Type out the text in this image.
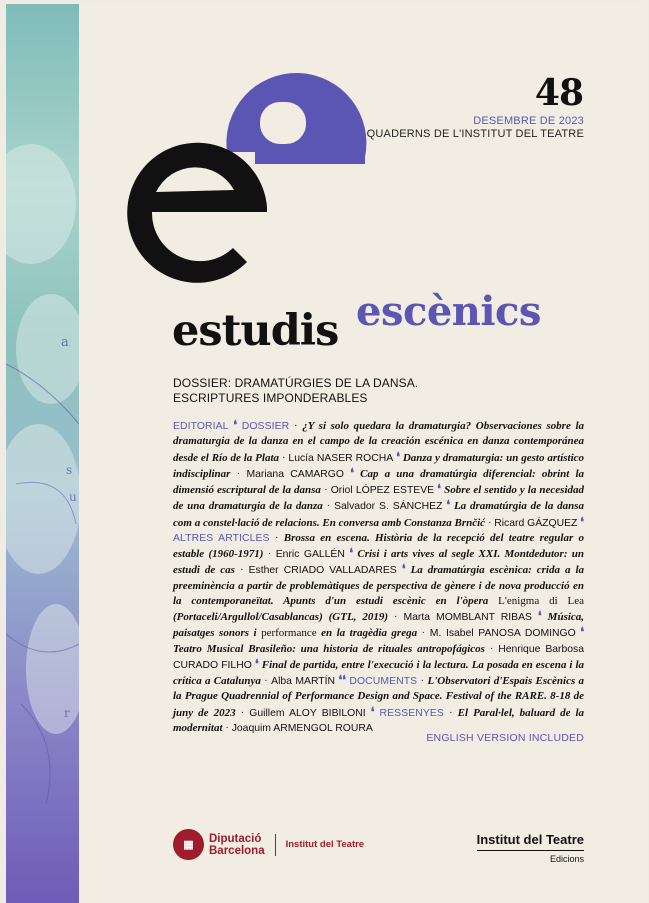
a
s
u
r
48
DESEMBRE DE 2023
QUADERNS DE L'INSTITUT DEL TEATRE
escènics
estudis
DOSSIER: DRAMATÚRGIES DE LA DANSA.
ESCRIPTURES IMPONDERABLES
EDITORIAL ❛ DOSSIER · ¿Y si solo quedara la dramaturgia? Observaciones sobre la dramaturgia de la danza en el campo de la creación escénica en danza contemporánea desde el Río de la Plata · Lucía NASER ROCHA ❛ Danza y dramaturgia: un gesto artístico indisciplinar · Mariana CAMARGO ❛ Cap a una dramatúrgia diferencial: obrint la dimensió escriptural de la dansa · Oriol LÓPEZ ESTEVE ❛ Sobre el sentido y la necesidad de una dramaturgia de la danza · Salvador S. SÁNCHEZ ❛ La dramatúrgia de la dansa com a constel·lació de relacions. En conversa amb Constanza Brnčić · Ricard GÁZQUEZ ❛ ALTRES ARTICLES · Brossa en escena. Història de la recepció del teatre regular o estable (1960-1971) · Enric GALLÉN ❛ Crisi i arts vives al segle XXI. Montdedutor: un estudi de cas · Esther CRIADO VALLADARES ❛ La dramatúrgia escènica: crida a la preeminència a partir de problemàtiques de perspectiva de gènere i de nova producció en la contemporaneïtat. Apunts d'un estudi escènic en l'òpera L'enigma di Lea (Portaceli/Argullol/Casablancas) (GTL, 2019) · Marta MOMBLANT RIBAS ❛ Música, paisatges sonors i performance en la tragèdia grega · M. Isabel PANOSA DOMINGO ❛ Teatro Musical Brasileño: una historia de rituales antropofágicos · Henrique Barbosa CURADO FILHO ❛ Final de partida, entre l'execució i la lectura. La posada en escena i la crítica a Catalunya · Alba MARTÍN ❛❛ DOCUMENTS · L'Observatori d'Espais Escènics a la Prague Quadrennial of Performance Design and Space. Festival of the RARE. 8-18 de juny de 2023 · Guillem ALOY BIBILONI ❛ RESSENYES · El Paral·lel, baluard de la modernitat · Joaquim ARMENGOL ROURA
ENGLISH VERSION INCLUDED
▦
Diputació
Barcelona Institut del Teatre	Institut del Teatre
Edicions
